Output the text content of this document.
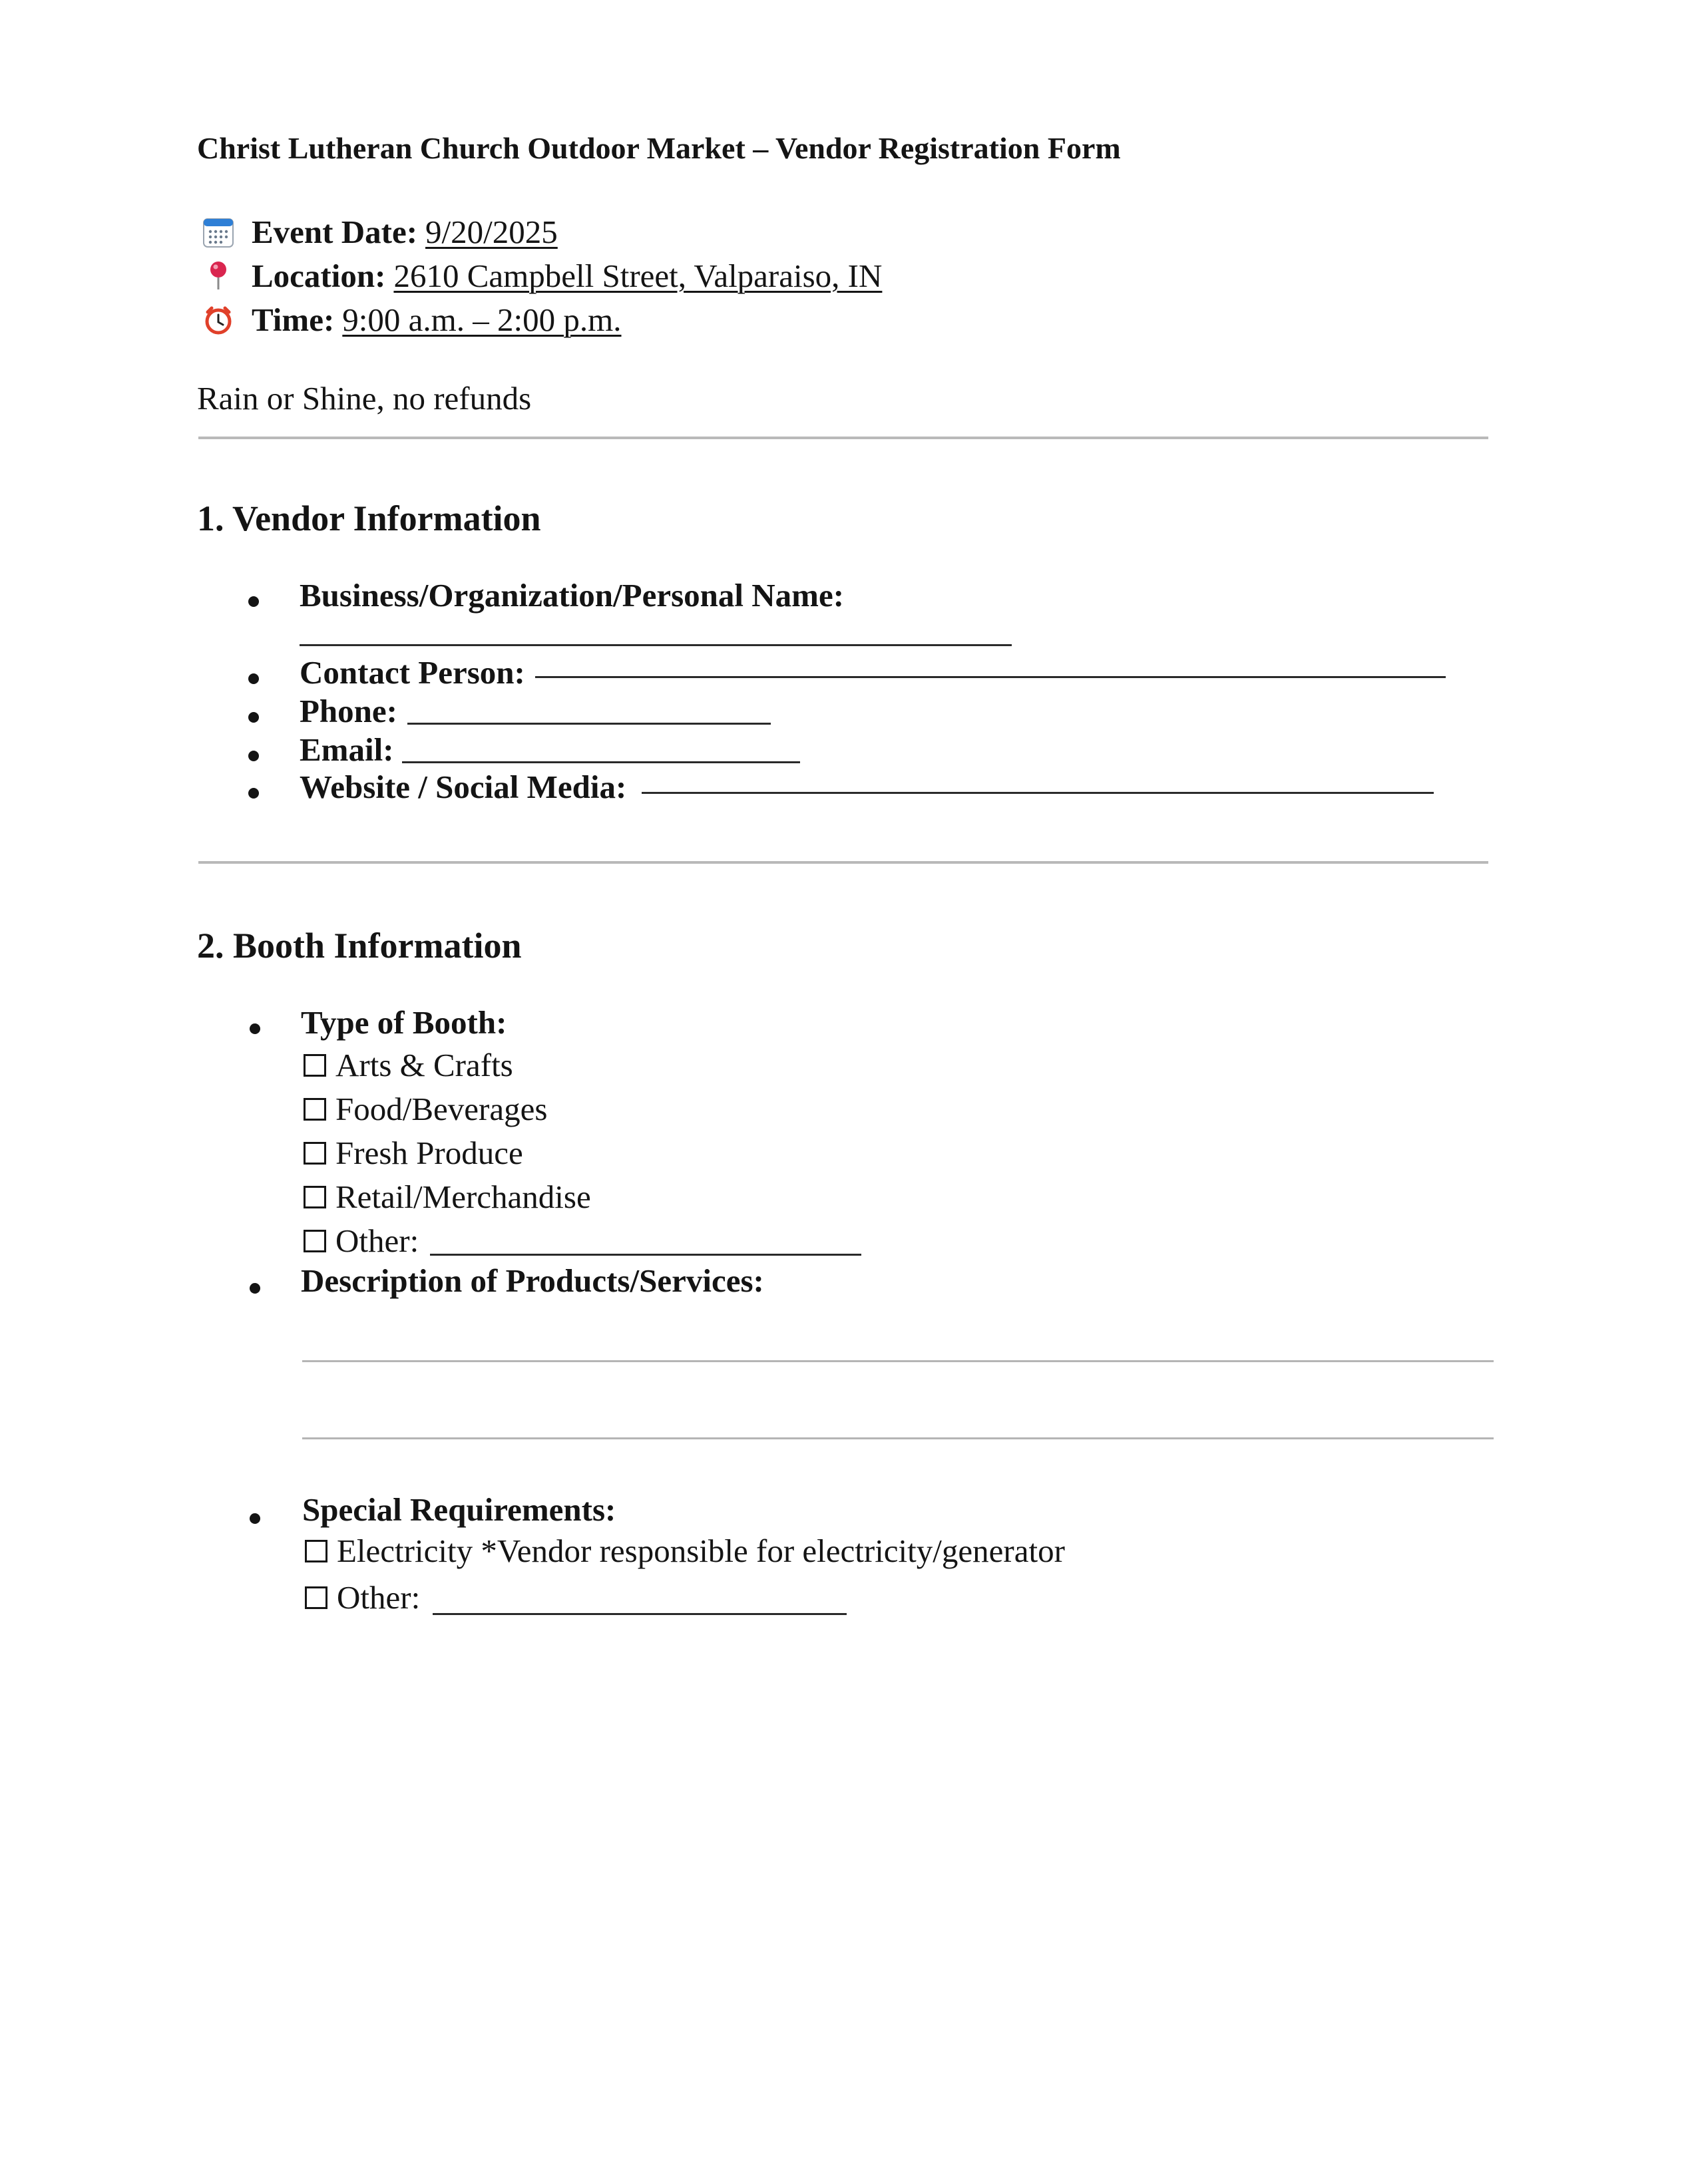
Christ Lutheran Church Outdoor Market – Vendor Registration Form
Event Date: 9/20/2025
Location: 2610 Campbell Street, Valparaiso, IN
Time: 9:00 a.m. – 2:00 p.m.
Rain or Shine, no refunds
1. Vendor Information
Business/Organization/Personal Name:
Contact Person:
Phone:
Email:
Website / Social Media:
2. Booth Information
Type of Booth:
Arts & Crafts
Food/Beverages
Fresh Produce
Retail/Merchandise
Other:
Description of Products/Services:
Special Requirements:
Electricity *Vendor responsible for electricity/generator
Other:
